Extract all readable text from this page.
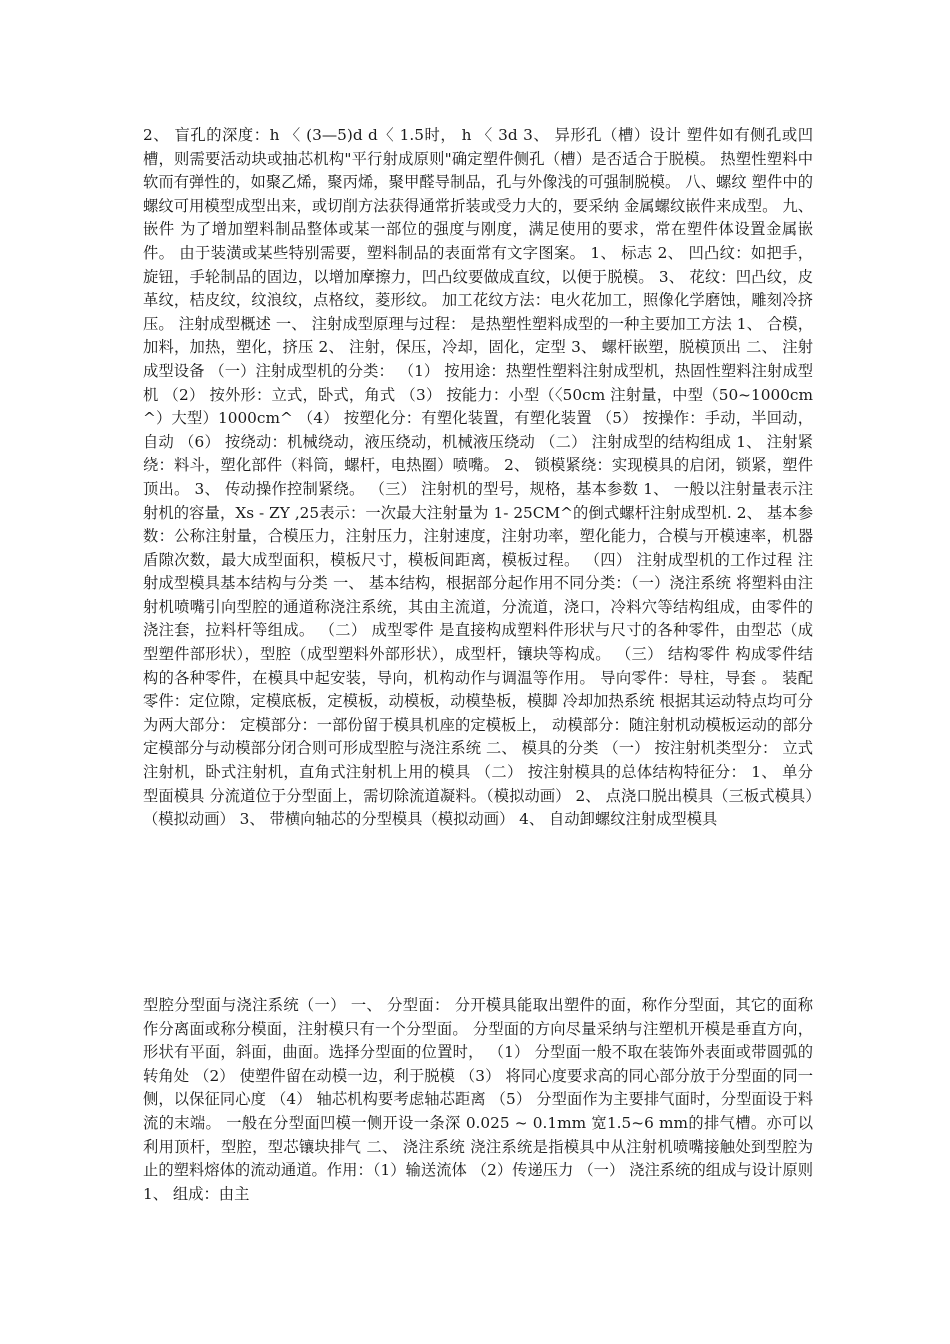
2、 盲孔的深度：h 〈 (3—5)d d〈 1.5时， h 〈 3d 3、 异形孔（槽）设计 塑件如有侧孔或凹槽，则需要活动块或抽芯机构"平行射成原则"确定塑件侧孔（槽）是否适合于脱模。 热塑性塑料中软而有弹性的，如聚乙烯，聚丙烯，聚甲醛导制品，孔与外像浅的可强制脱模。 八、螺纹 塑件中的螺纹可用模型成型出来，或切削方法获得通常折装或受力大的，要采纳 金属螺纹嵌件来成型。 九、嵌件 为了增加塑料制品整体或某一部位的强度与刚度，满足使用的要求，常在塑件体设置金属嵌件。 由于装潢或某些特别需要，塑料制品的表面常有文字图案。 1、 标志 2、 凹凸纹：如把手，旋钮，手轮制品的固边，以增加摩擦力，凹凸纹要做成直纹，以便于脱模。 3、 花纹：凹凸纹，皮革纹，桔皮纹，纹浪纹，点格纹，菱形纹。 加工花纹方法：电火花加工，照像化学磨蚀，雕刻冷挤压。 注射成型概述 一、 注射成型原理与过程： 是热塑性塑料成型的一种主要加工方法 1、 合模，加料，加热，塑化，挤压 2、 注射，保压，冷却，固化，定型 3、 螺杆嵌塑，脱模顶出 二、 注射成型设备 （一）注射成型机的分类： （1） 按用途：热塑性塑料注射成型机，热固性塑料注射成型机 （2） 按外形：立式，卧式，角式 （3） 按能力：小型（〈50cm 注射量，中型（50~1000cm^）大型）1000cm^ （4） 按塑化分：有塑化装置，有塑化装置 （5） 按操作：手动，半回动，自动 （6） 按绕动：机械绕动，液压绕动，机械液压绕动 （二） 注射成型的结构组成 1、 注射紧绕：料斗，塑化部件（料筒，螺杆，电热圈）喷嘴。 2、 锁模紧绕：实现模具的启闭，锁紧，塑件顶出。 3、 传动操作控制紧绕。 （三） 注射机的型号，规格，基本参数 1、 一般以注射量表示注射机的容量，Xs - ZY ,25表示：一次最大注射量为 1- 25CM^的倒式螺杆注射成型机. 2、 基本参数：公称注射量，合模压力，注射压力，注射速度，注射功率，塑化能力，合模与开模速率，机器盾隙次数，最大成型面积，模板尺寸，模板间距离，模板过程。 （四） 注射成型机的工作过程 注射成型模具基本结构与分类 一、 基本结构，根据部分起作用不同分类：（一）浇注系统 将塑料由注射机喷嘴引向型腔的通道称浇注系统，其由主流道，分流道，浇口，冷料穴等结构组成，由零件的浇注套，拉料杆等组成。 （二） 成型零件 是直接构成塑料件形状与尺寸的各种零件，由型芯（成型塑件部形状），型腔（成型塑料外部形状），成型杆，镶块等构成。 （三） 结构零件 构成零件结构的各种零件，在模具中起安装，导向，机构动作与调温等作用。 导向零件：导柱，导套 。 装配零件：定位隙，定模底板，定模板，动模板，动模垫板，模脚 冷却加热系统 根据其运动特点均可分为两大部分： 定模部分：一部份留于模具机座的定模板上， 动模部分：随注射机动模板运动的部分 定模部分与动模部分闭合则可形成型腔与浇注系统 二、 模具的分类 （一） 按注射机类型分： 立式注射机，卧式注射机，直角式注射机上用的模具 （二） 按注射模具的总体结构特征分： 1、 单分型面模具 分流道位于分型面上，需切除流道凝料。（模拟动画） 2、 点浇口脱出模具（三板式模具）（模拟动画） 3、 带横向轴芯的分型模具（模拟动画） 4、 自动卸螺纹注射成型模具

型腔分型面与浇注系统（一） 一、 分型面： 分开模具能取出塑件的面，称作分型面，其它的面称作分离面或称分模面，注射模只有一个分型面。 分型面的方向尽量采纳与注塑机开模是垂直方向，形状有平面，斜面，曲面。选择分型面的位置时， （1） 分型面一般不取在装饰外表面或带圆弧的转角处 （2） 使塑件留在动模一边，利于脱模 （3） 将同心度要求高的同心部分放于分型面的同一侧，以保征同心度 （4） 轴芯机构要考虑轴芯距离 （5） 分型面作为主要排气面时，分型面设于料流的末端。 一般在分型面凹模一侧开设一条深 0.025 ~ 0.1mm 宽1.5~6 mm的排气槽。亦可以利用顶杆，型腔，型芯镶块排气 二、 浇注系统 浇注系统是指模具中从注射机喷嘴接触处到型腔为止的塑料熔体的流动通道。作用：（1）输送流体 （2）传递压力 （一） 浇注系统的组成与设计原则 1、 组成：由主
